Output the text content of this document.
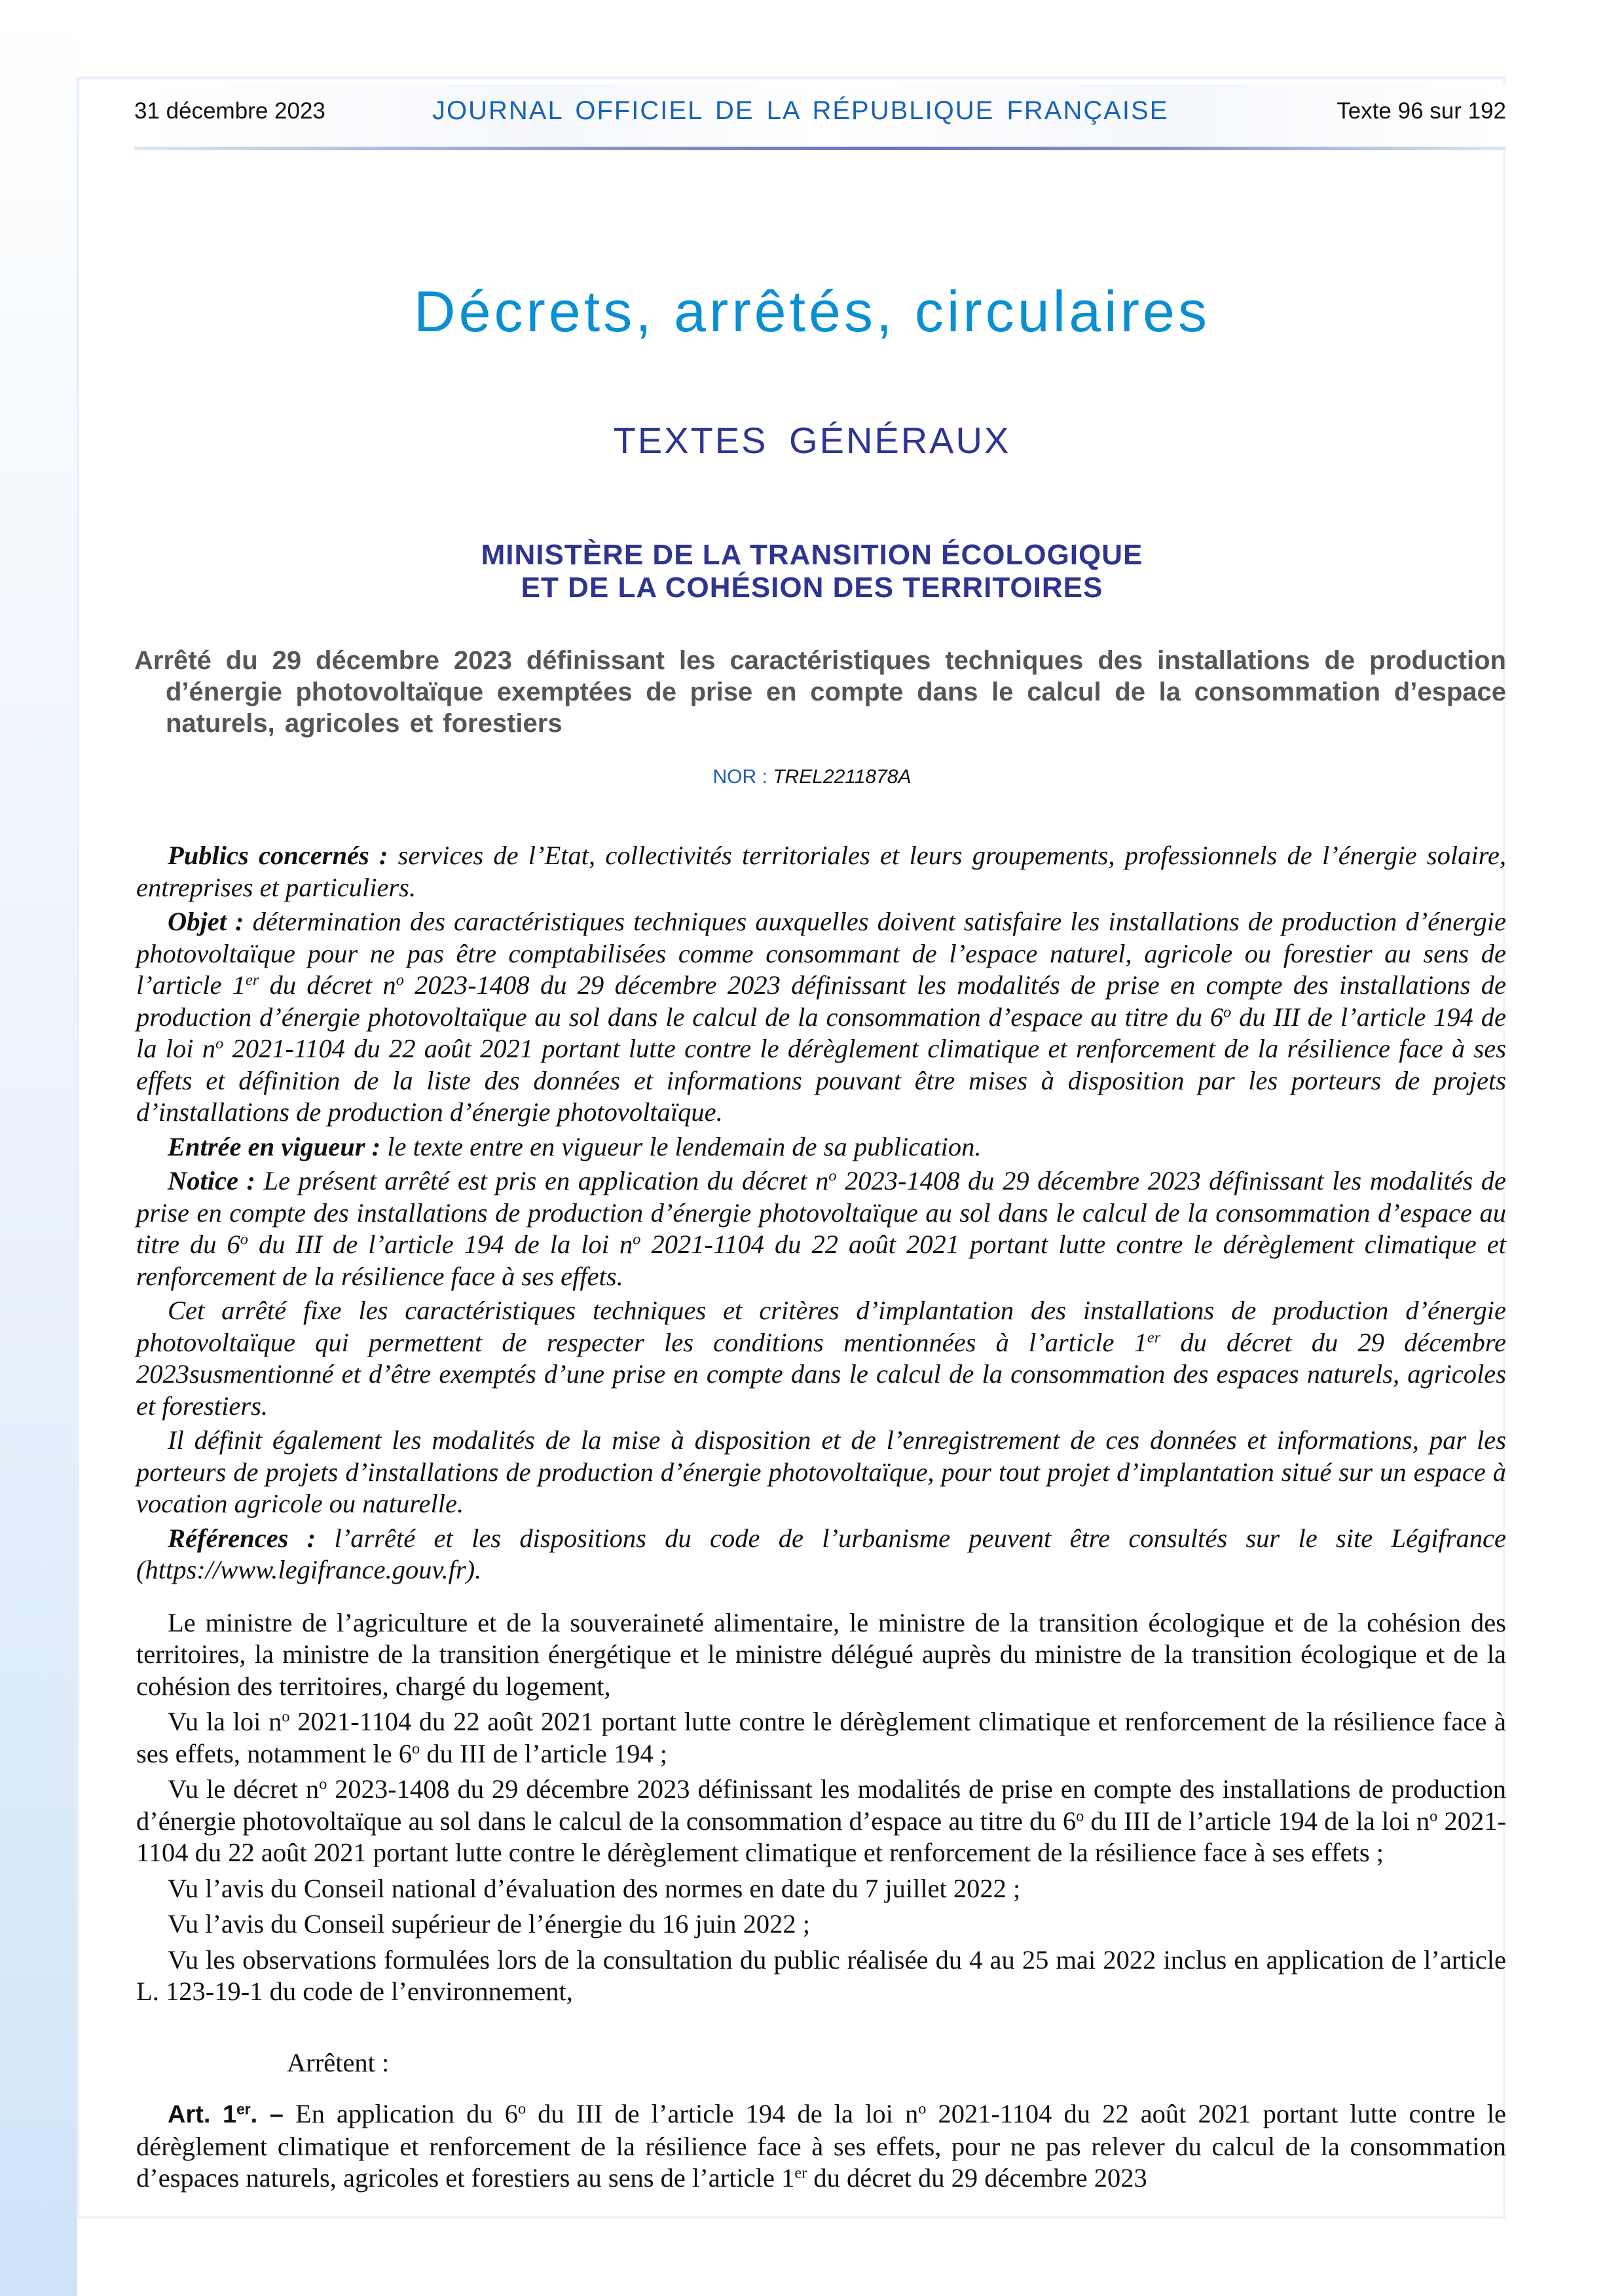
31 décembre 2023	JOURNAL OFFICIEL DE LA RÉPUBLIQUE FRANÇAISE	Texte 96 sur 192
Décrets, arrêtés, circulaires
TEXTES GÉNÉRAUX
MINISTÈRE DE LA TRANSITION ÉCOLOGIQUE
ET DE LA COHÉSION DES TERRITOIRES
Arrêté du 29 décembre 2023 définissant les caractéristiques techniques des installations de production d’énergie photovoltaïque exemptées de prise en compte dans le calcul de la consommation d’espace naturels, agricoles et forestiers
NOR : TREL2211878A

Publics concernés : services de l’Etat, collectivités territoriales et leurs groupements, professionnels de l’énergie solaire, entreprises et particuliers.

Objet : détermination des caractéristiques techniques auxquelles doivent satisfaire les installations de production d’énergie photovoltaïque pour ne pas être comptabilisées comme consommant de l’espace naturel, agricole ou forestier au sens de l’article 1er du décret $n^o$ 2023-1408 du 29 décembre 2023 définissant les modalités de prise en compte des installations de production d’énergie photovoltaïque au sol dans le calcul de la consommation d’espace au titre du 6$^o$ du III de l’article 194 de la loi $n^o$ 2021-1104 du 22 août 2021 portant lutte contre le dérèglement climatique et renforcement de la résilience face à ses effets et définition de la liste des données et informations pouvant être mises à disposition par les porteurs de projets d’installations de production d’énergie photovoltaïque.

Entrée en vigueur : le texte entre en vigueur le lendemain de sa publication.

Notice : Le présent arrêté est pris en application du décret $n^o$ 2023-1408 du 29 décembre 2023 définissant les modalités de prise en compte des installations de production d’énergie photovoltaïque au sol dans le calcul de la consommation d’espace au titre du 6$^o$ du III de l’article 194 de la loi $n^o$ 2021-1104 du 22 août 2021 portant lutte contre le dérèglement climatique et renforcement de la résilience face à ses effets.

Cet arrêté fixe les caractéristiques techniques et critères d’implantation des installations de production d’énergie photovoltaïque qui permettent de respecter les conditions mentionnées à l’article 1er du décret du 29 décembre 2023susmentionné et d’être exemptés d’une prise en compte dans le calcul de la consommation des espaces naturels, agricoles et forestiers.

Il définit également les modalités de la mise à disposition et de l’enregistrement de ces données et informations, par les porteurs de projets d’installations de production d’énergie photovoltaïque, pour tout projet d’implantation situé sur un espace à vocation agricole ou naturelle.

Références : l’arrêté et les dispositions du code de l’urbanisme peuvent être consultés sur le site Légifrance (https://www.legifrance.gouv.fr).

Le ministre de l’agriculture et de la souveraineté alimentaire, le ministre de la transition écologique et de la cohésion des territoires, la ministre de la transition énergétique et le ministre délégué auprès du ministre de la transition écologique et de la cohésion des territoires, chargé du logement,

Vu la loi $n^o$ 2021-1104 du 22 août 2021 portant lutte contre le dérèglement climatique et renforcement de la résilience face à ses effets, notamment le 6$^o$ du III de l’article 194 ;

Vu le décret $n^o$ 2023-1408 du 29 décembre 2023 définissant les modalités de prise en compte des installations de production d’énergie photovoltaïque au sol dans le calcul de la consommation d’espace au titre du 6$^o$ du III de l’article 194 de la loi $n^o$ 2021-1104 du 22 août 2021 portant lutte contre le dérèglement climatique et renforcement de la résilience face à ses effets ;

Vu l’avis du Conseil national d’évaluation des normes en date du 7 juillet 2022 ;

Vu l’avis du Conseil supérieur de l’énergie du 16 juin 2022 ;

Vu les observations formulées lors de la consultation du public réalisée du 4 au 25 mai 2022 inclus en application de l’article L. 123-19-1 du code de l’environnement,

Arrêtent :

Art. 1er. – En application du 6$^o$ du III de l’article 194 de la loi $n^o$ 2021-1104 du 22 août 2021 portant lutte contre le dérèglement climatique et renforcement de la résilience face à ses effets, pour ne pas relever du calcul de la consommation d’espaces naturels, agricoles et forestiers au sens de l’article 1er du décret du 29 décembre 2023
